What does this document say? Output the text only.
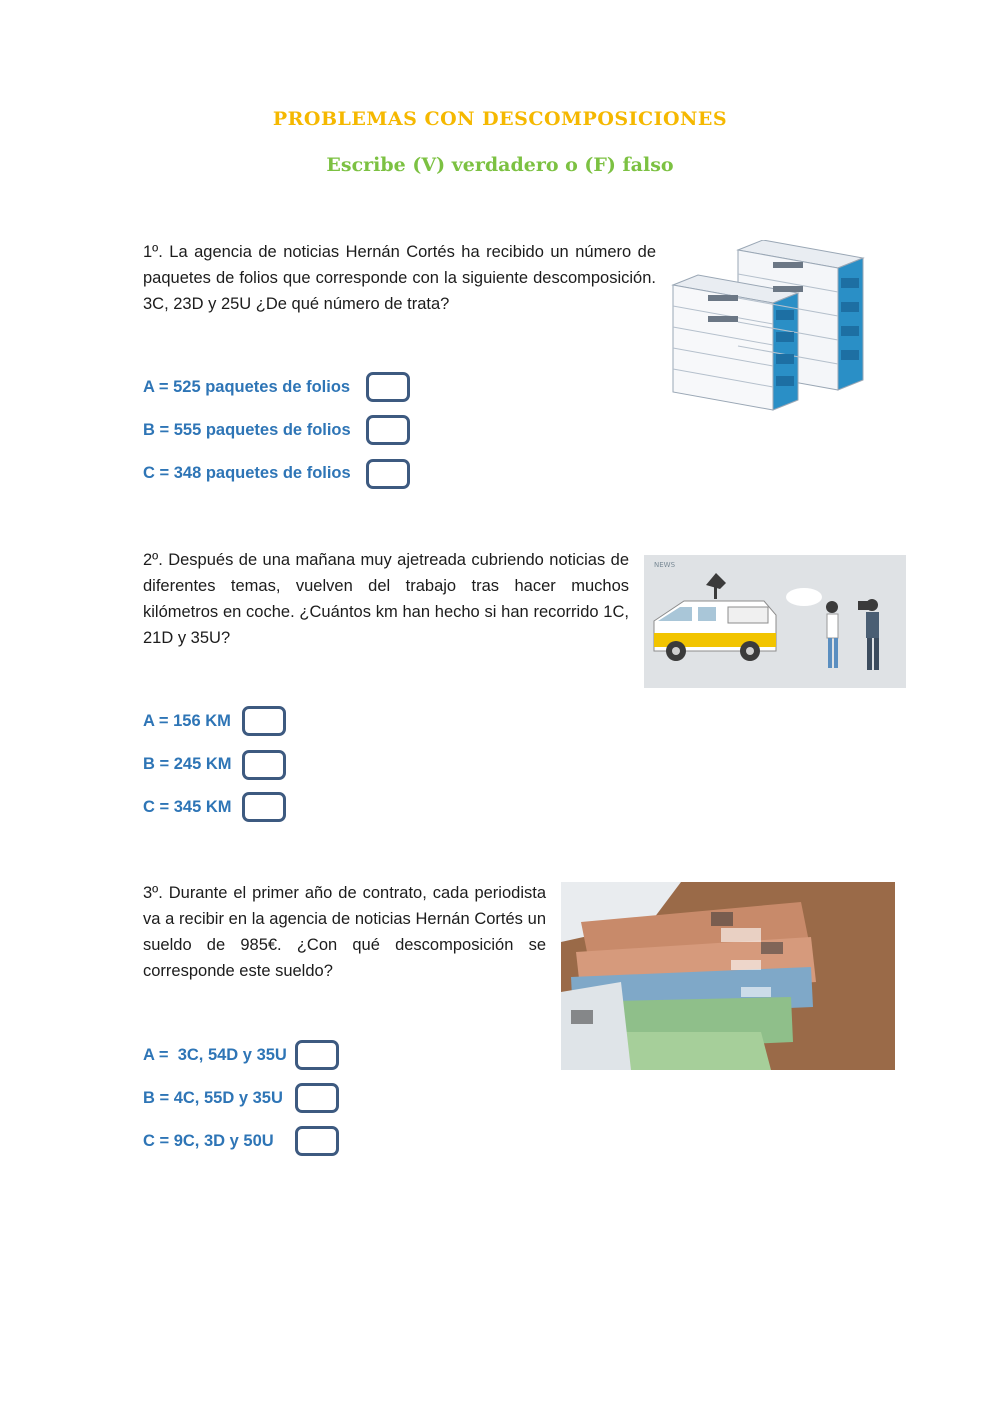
PROBLEMAS CON DESCOMPOSICIONES
Escribe (V) verdadero o (F) falso

1º. La agencia de noticias Hernán Cortés ha recibido un número de paquetes de folios que corresponde con la siguiente descomposición. 3C, 23D y 25U ¿De qué número de trata?

A = 525 paquetes de folios
B = 555 paquetes de folios
C = 348 paquetes de folios

2º. Después de una mañana muy ajetreada cubriendo noticias de diferentes temas, vuelven del trabajo tras hacer muchos kilómetros en coche. ¿Cuántos km han hecho si han recorrido 1C, 21D y 35U?

NEWS
A = 156 KM
B = 245 KM
C = 345 KM

3º. Durante el primer año de contrato, cada periodista va a recibir en la agencia de noticias Hernán Cortés un sueldo de 985€. ¿Con qué descomposición se corresponde este sueldo?

A =  3C, 54D y 35U
B = 4C, 55D y 35U
C = 9C, 3D y 50U
